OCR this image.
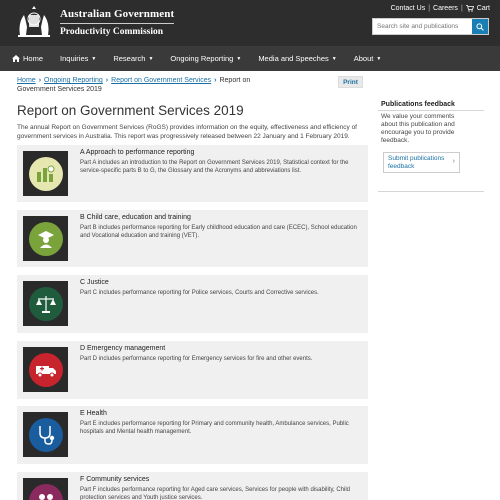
Australian Government
Productivity Commission
Contact Us | Careers | Cart
Search site and publications
Home Inquiries ▼ Research ▼ Ongoing Reporting ▼ Media and Speeches ▼ About ▼
Home › Ongoing Reporting › Report on Government Services › Report on Government Services 2019
Print
Report on Government Services 2019

The annual Report on Government Services (RoGS) provides information on the equity, effectiveness and efficiency of government services in Australia. This report was progressively released between 22 January and 1 February 2019.

A Approach to performance reporting
Part A includes an introduction to the Report on Government Services 2019, Statistical context for the service-specific parts B to G, the Glossary and the Acronyms and abbreviations list.
B Child care, education and training
Part B includes performance reporting for Early childhood education and care (ECEC), School education and Vocational education and training (VET).
C Justice
Part C includes performance reporting for Police services, Courts and Corrective services.
D Emergency management
Part D includes performance reporting for Emergency services for fire and other events.
E Health
Part E includes performance reporting for Primary and community health, Ambulance services, Public hospitals and Mental health management.
F Community services
Part F includes performance reporting for Aged care services, Services for people with disability, Child protection services and Youth justice services.
Publications feedback
We value your comments about this publication and encourage you to provide feedback.
Submit publications feedback
›
